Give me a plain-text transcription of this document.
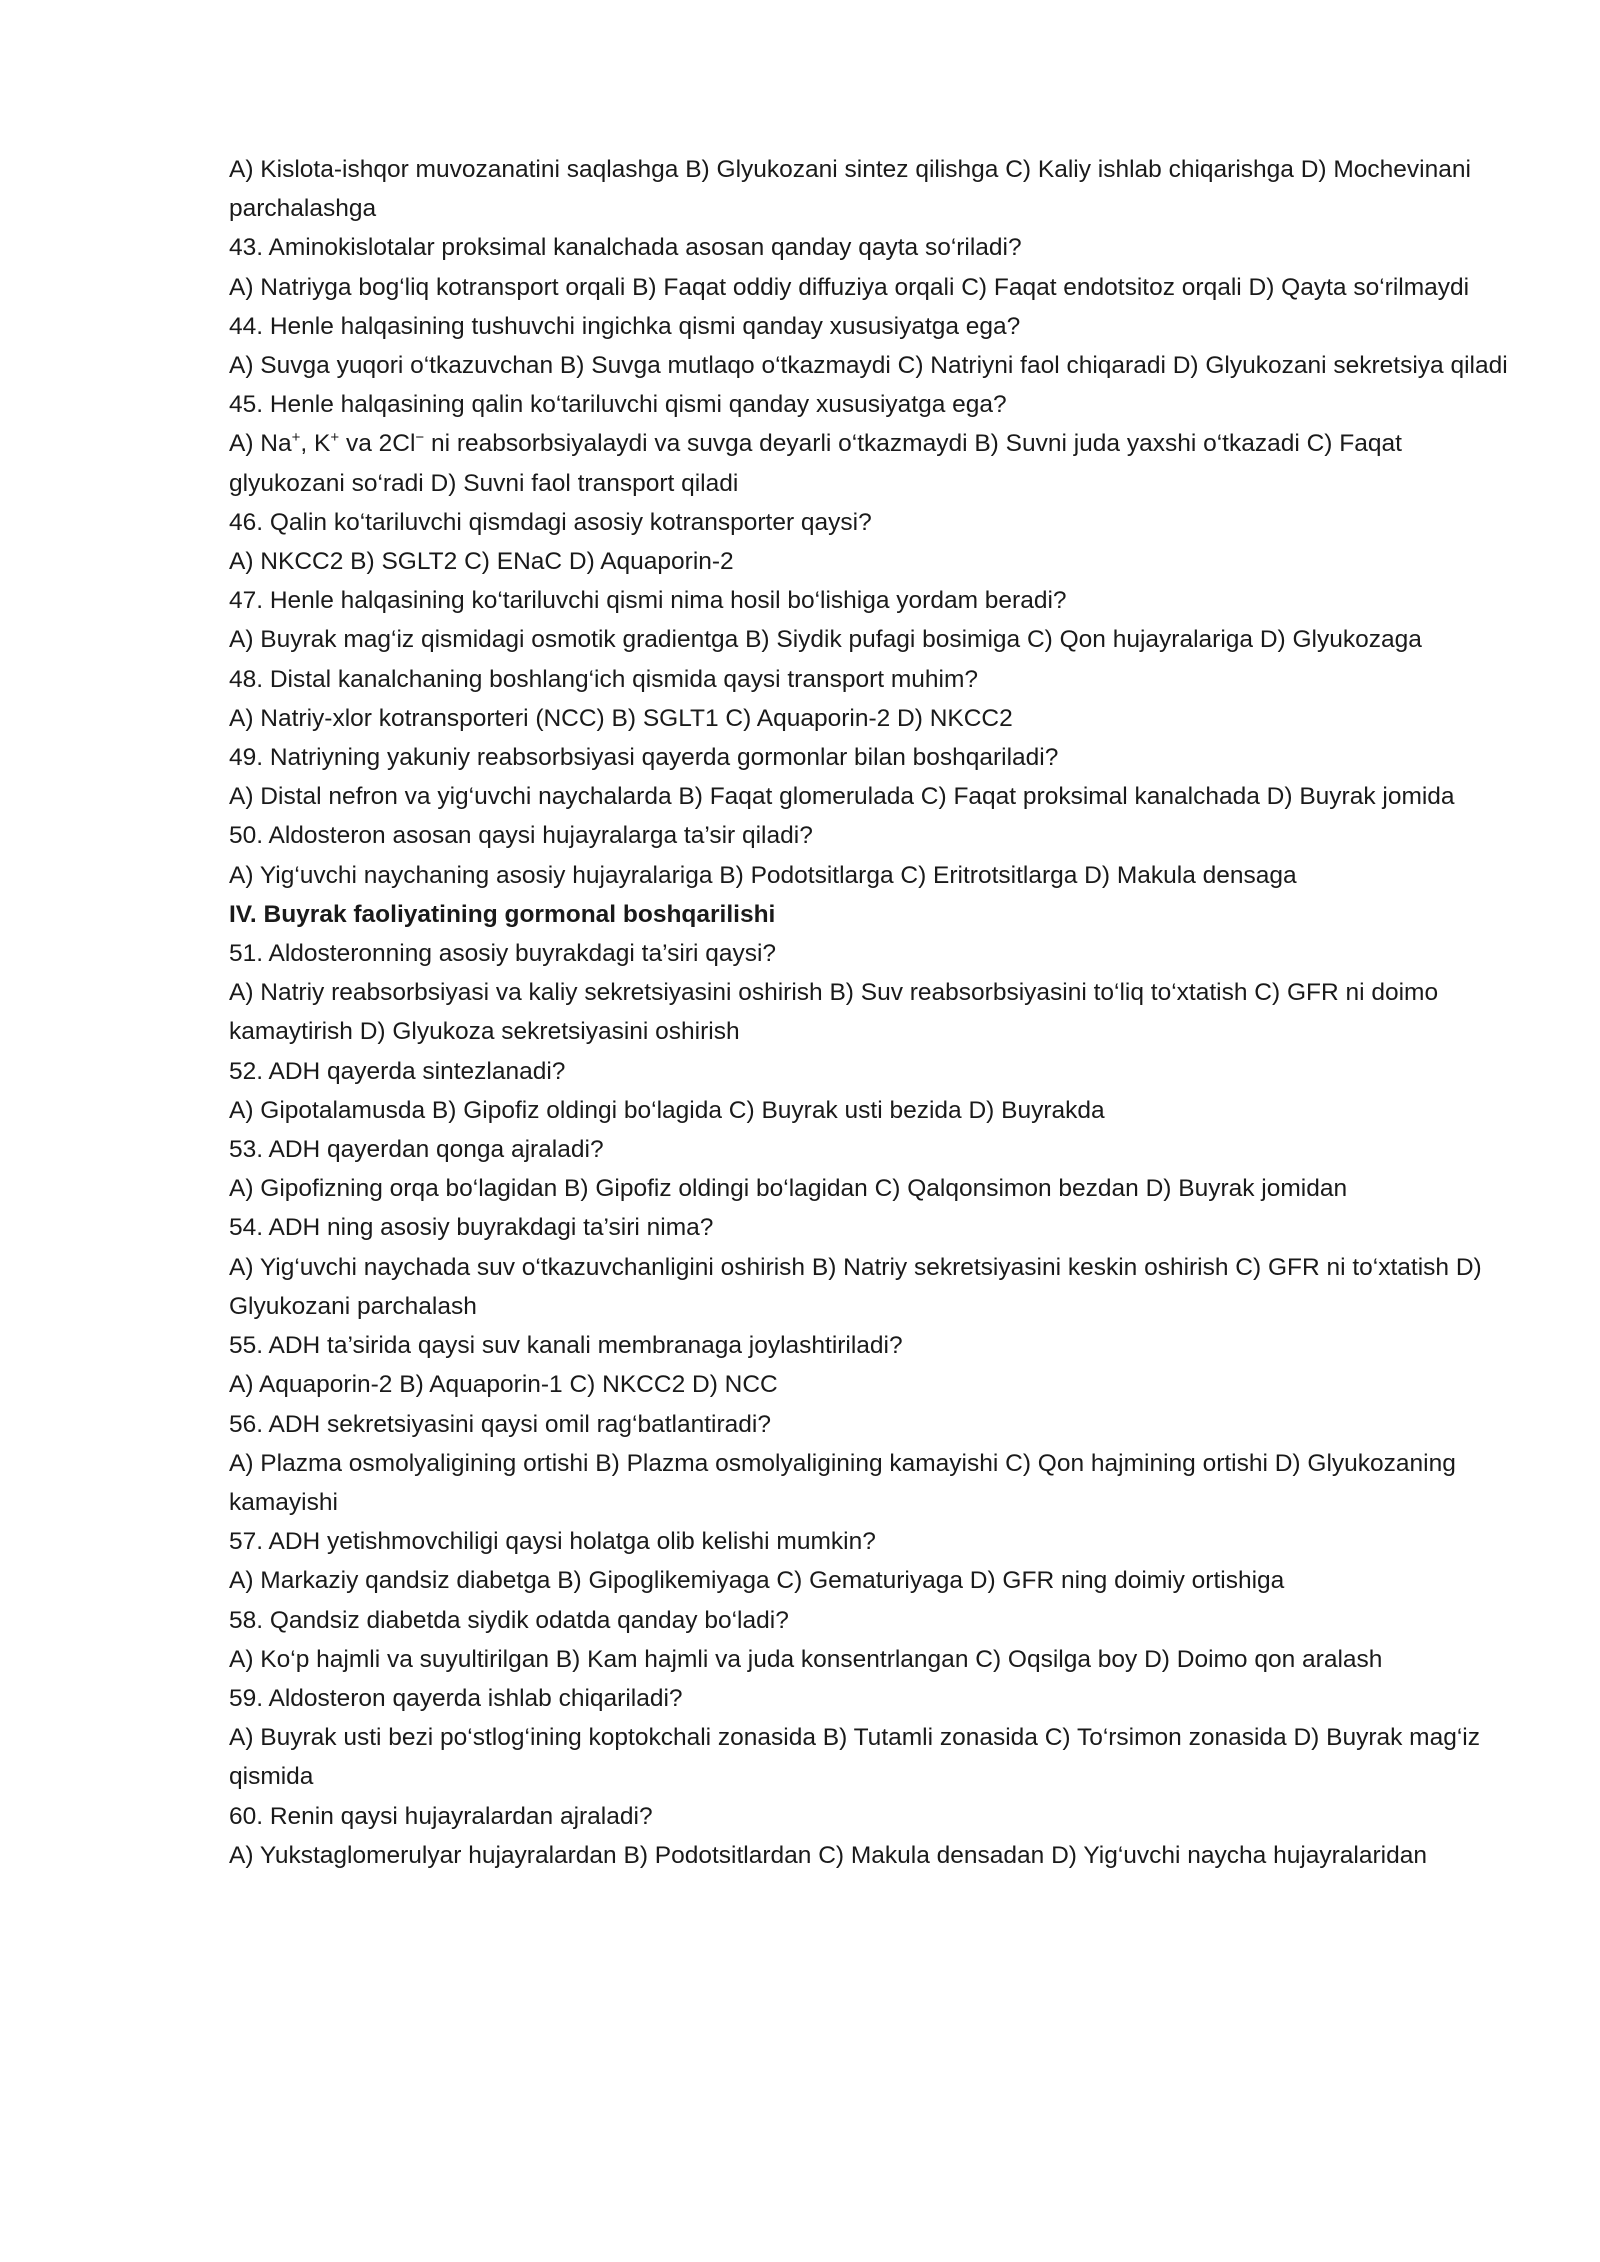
A) Kislota-ishqor muvozanatini saqlashga B) Glyukozani sintez qilishga C) Kaliy ishlab chiqarishga D) Mochevinani parchalashga
43. Aminokislotalar proksimal kanalchada asosan qanday qayta so‘riladi?
A) Natriyga bog‘liq kotransport orqali B) Faqat oddiy diffuziya orqali C) Faqat endotsitoz orqali D) Qayta so‘rilmaydi
44. Henle halqasining tushuvchi ingichka qismi qanday xususiyatga ega?
A) Suvga yuqori o‘tkazuvchan B) Suvga mutlaqo o‘tkazmaydi C) Natriyni faol chiqaradi D) Glyukozani sekretsiya qiladi
45. Henle halqasining qalin ko‘tariluvchi qismi qanday xususiyatga ega?
A) Na+, K+ va 2Cl− ni reabsorbsiyalaydi va suvga deyarli o‘tkazmaydi B) Suvni juda yaxshi o‘tkazadi C) Faqat glyukozani so‘radi D) Suvni faol transport qiladi
46. Qalin ko‘tariluvchi qismdagi asosiy kotransporter qaysi?
A) NKCC2 B) SGLT2 C) ENaC D) Aquaporin-2
47. Henle halqasining ko‘tariluvchi qismi nima hosil bo‘lishiga yordam beradi?
A) Buyrak mag‘iz qismidagi osmotik gradientga B) Siydik pufagi bosimiga C) Qon hujayralariga D) Glyukozaga
48. Distal kanalchaning boshlang‘ich qismida qaysi transport muhim?
A) Natriy-xlor kotransporteri (NCC) B) SGLT1 C) Aquaporin-2 D) NKCC2
49. Natriyning yakuniy reabsorbsiyasi qayerda gormonlar bilan boshqariladi?
A) Distal nefron va yig‘uvchi naychalarda B) Faqat glomerulada C) Faqat proksimal kanalchada D) Buyrak jomida
50. Aldosteron asosan qaysi hujayralarga ta’sir qiladi?
A) Yig‘uvchi naychaning asosiy hujayralariga B) Podotsitlarga C) Eritrotsitlarga D) Makula densaga
IV. Buyrak faoliyatining gormonal boshqarilishi
51. Aldosteronning asosiy buyrakdagi ta’siri qaysi?
A) Natriy reabsorbsiyasi va kaliy sekretsiyasini oshirish B) Suv reabsorbsiyasini to‘liq to‘xtatish C) GFR ni doimo kamaytirish D) Glyukoza sekretsiyasini oshirish
52. ADH qayerda sintezlanadi?
A) Gipotalamusda B) Gipofiz oldingi bo‘lagida C) Buyrak usti bezida D) Buyrakda
53. ADH qayerdan qonga ajraladi?
A) Gipofizning orqa bo‘lagidan B) Gipofiz oldingi bo‘lagidan C) Qalqonsimon bezdan D) Buyrak jomidan
54. ADH ning asosiy buyrakdagi ta’siri nima?
A) Yig‘uvchi naychada suv o‘tkazuvchanligini oshirish B) Natriy sekretsiyasini keskin oshirish C) GFR ni to‘xtatish D) Glyukozani parchalash
55. ADH ta’sirida qaysi suv kanali membranaga joylashtiriladi?
A) Aquaporin-2 B) Aquaporin-1 C) NKCC2 D) NCC
56. ADH sekretsiyasini qaysi omil rag‘batlantiradi?
A) Plazma osmolyaligining ortishi B) Plazma osmolyaligining kamayishi C) Qon hajmining ortishi D) Glyukozaning kamayishi
57. ADH yetishmovchiligi qaysi holatga olib kelishi mumkin?
A) Markaziy qandsiz diabetga B) Gipoglikemiyaga C) Gematuriyaga D) GFR ning doimiy ortishiga
58. Qandsiz diabetda siydik odatda qanday bo‘ladi?
A) Ko‘p hajmli va suyultirilgan B) Kam hajmli va juda konsentrlangan C) Oqsilga boy D) Doimo qon aralash
59. Aldosteron qayerda ishlab chiqariladi?
A) Buyrak usti bezi po‘stlog‘ining koptokchali zonasida B) Tutamli zonasida C) To‘rsimon zonasida D) Buyrak mag‘iz qismida
60. Renin qaysi hujayralardan ajraladi?
A) Yukstaglomerulyar hujayralardan B) Podotsitlardan C) Makula densadan D) Yig‘uvchi naycha hujayralaridan
